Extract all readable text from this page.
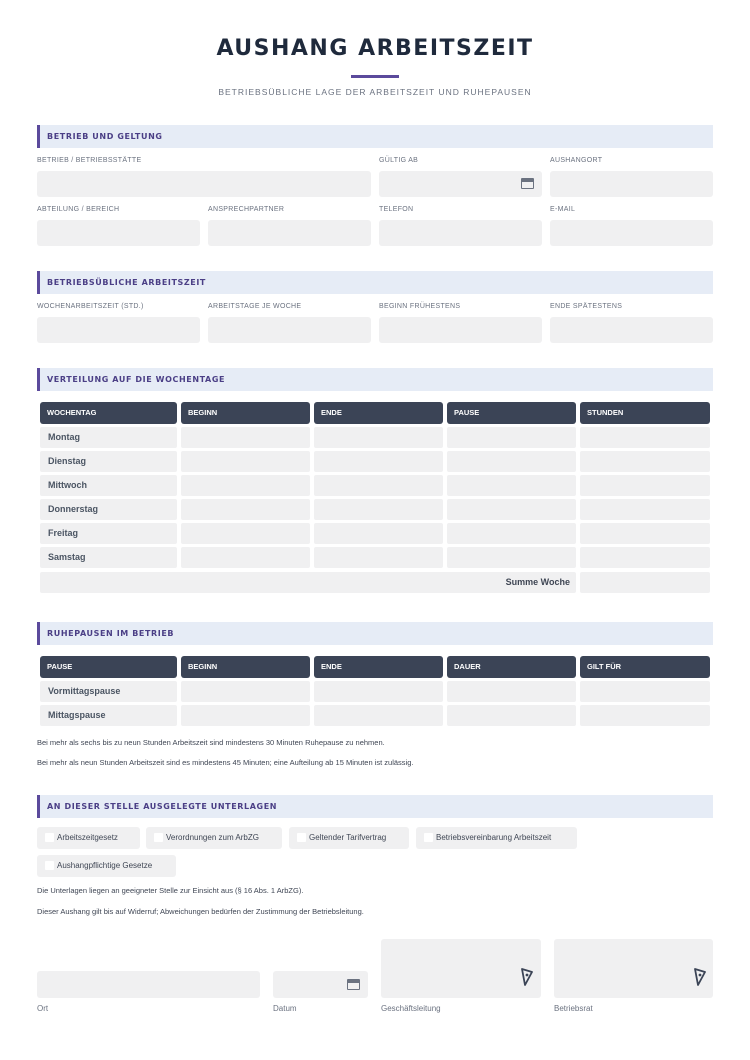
AUSHANG ARBEITSZEIT
BETRIEBSÜBLICHE LAGE DER ARBEITSZEIT UND RUHEPAUSEN
BETRIEB UND GELTUNG
BETRIEB / BETRIEBSSTÄTTE	GÜLTIG AB	AUSHANGORT
ABTEILUNG / BEREICH	ANSPRECHPARTNER	TELEFON	E-MAIL
BETRIEBSÜBLICHE ARBEITSZEIT
WOCHENARBEITSZEIT (STD.)	ARBEITSTAGE JE WOCHE	BEGINN FRÜHESTENS	ENDE SPÄTESTENS
VERTEILUNG AUF DIE WOCHENTAGE
WOCHENTAG	BEGINN	ENDE	PAUSE	STUNDEN
Montag
Dienstag
Mittwoch
Donnerstag
Freitag
Samstag
Summe Woche
RUHEPAUSEN IM BETRIEB
PAUSE	BEGINN	ENDE	DAUER	GILT FÜR
Vormittagspause
Mittagspause
Bei mehr als sechs bis zu neun Stunden Arbeitszeit sind mindestens 30 Minuten Ruhepause zu nehmen.
Bei mehr als neun Stunden Arbeitszeit sind es mindestens 45 Minuten; eine Aufteilung ab 15 Minuten ist zulässig.
AN DIESER STELLE AUSGELEGTE UNTERLAGEN
Arbeitszeitgesetz	Verordnungen zum ArbZG	Geltender Tarifvertrag	Betriebsvereinbarung Arbeitszeit
Aushangpflichtige Gesetze
Die Unterlagen liegen an geeigneter Stelle zur Einsicht aus (§ 16 Abs. 1 ArbZG).
Dieser Aushang gilt bis auf Widerruf; Abweichungen bedürfen der Zustimmung der Betriebsleitung.
Ort	Datum	Geschäftsleitung	Betriebsrat
